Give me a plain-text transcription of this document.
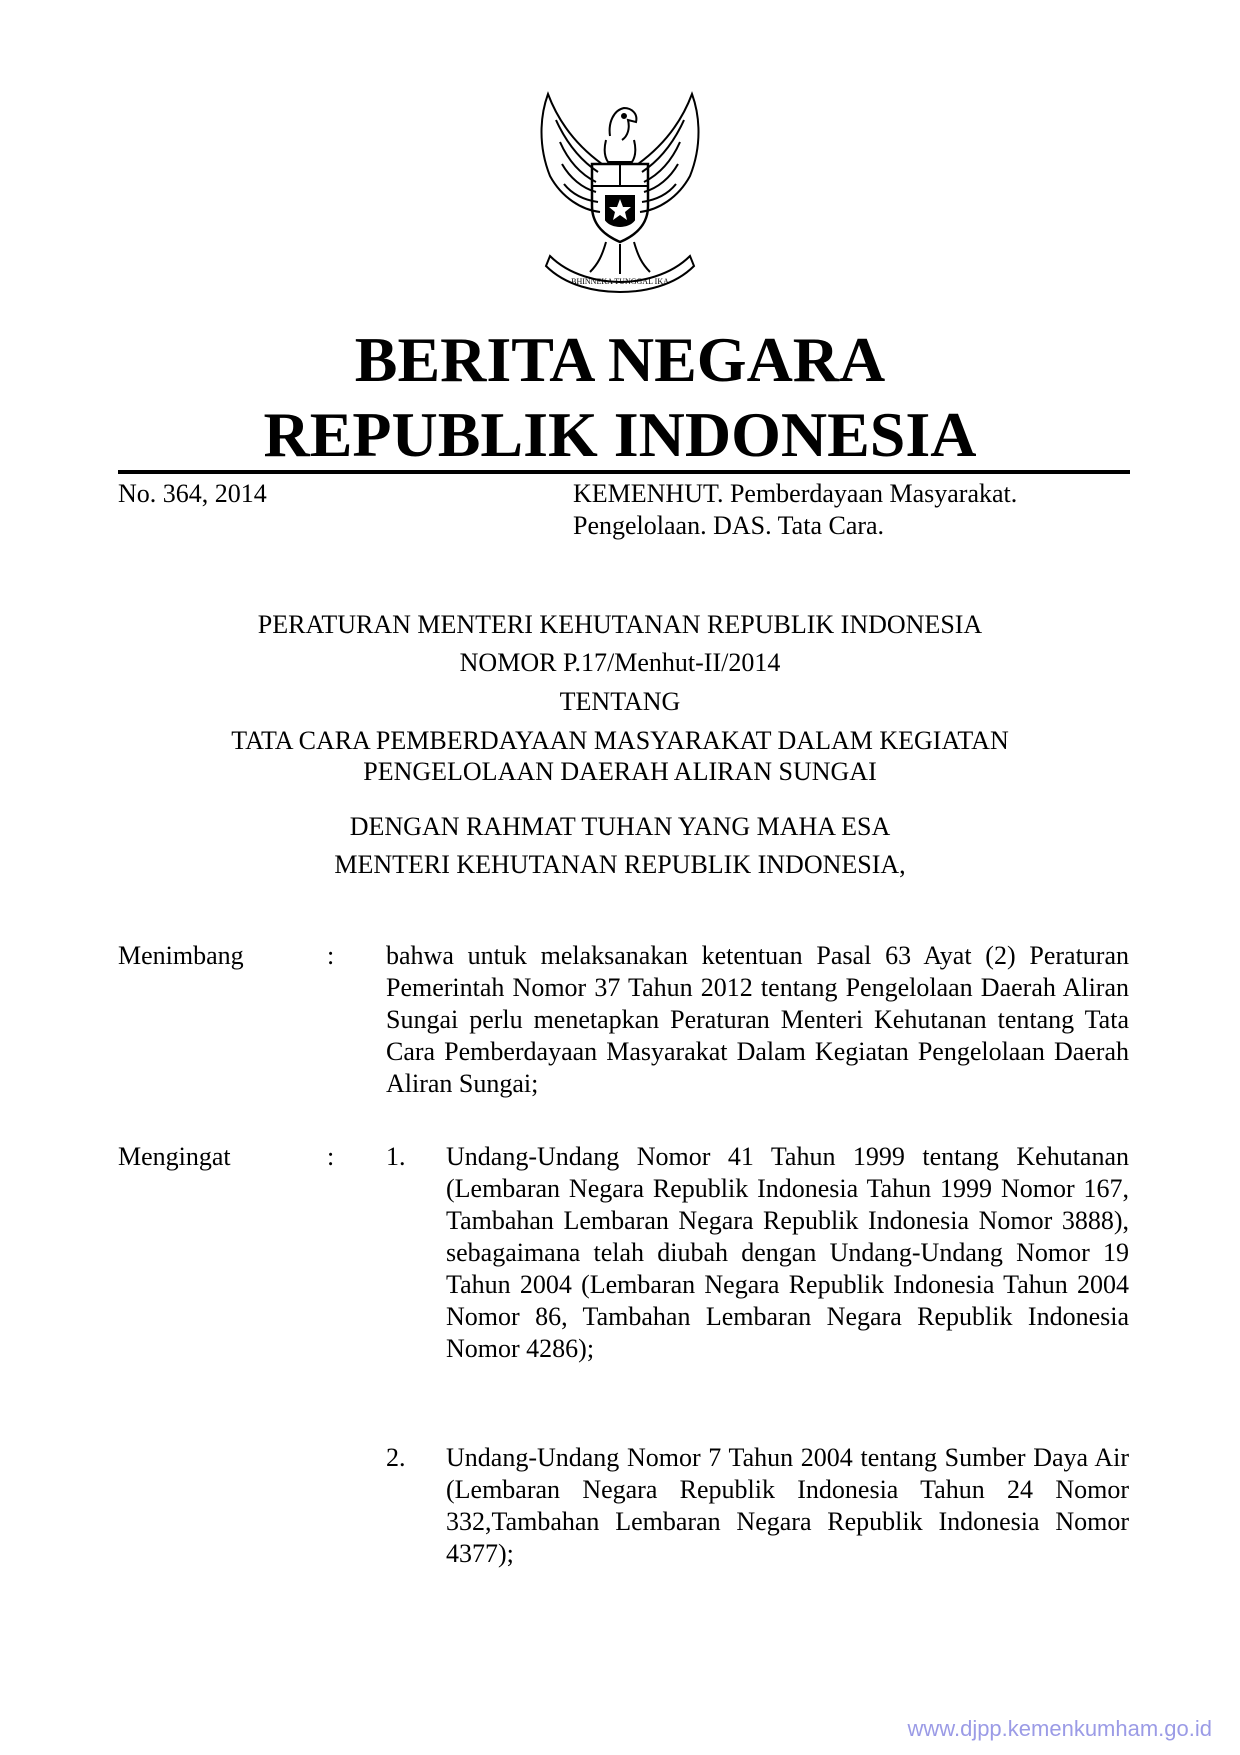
BHINNEKA TUNGGAL IKA
BERITA NEGARA
REPUBLIK INDONESIA
No. 364, 2014	KEMENHUT. Pemberdayaan Masyarakat.
Pengelolaan. DAS. Tata Cara.
PERATURAN MENTERI KEHUTANAN REPUBLIK INDONESIA
NOMOR P.17/Menhut-II/2014
TENTANG
TATA CARA PEMBERDAYAAN MASYARAKAT DALAM KEGIATAN
PENGELOLAAN DAERAH ALIRAN SUNGAI
DENGAN RAHMAT TUHAN YANG MAHA ESA
MENTERI KEHUTANAN REPUBLIK INDONESIA,
Menimbang	: bahwa untuk melaksanakan ketentuan Pasal 63 Ayat (2) Peraturan Pemerintah Nomor 37 Tahun 2012 tentang Pengelolaan Daerah Aliran Sungai perlu menetapkan Peraturan Menteri Kehutanan tentang Tata Cara Pemberdayaan Masyarakat Dalam Kegiatan Pengelolaan Daerah Aliran Sungai;
Mengingat	: 1. Undang-Undang Nomor 41 Tahun 1999 tentang Kehutanan (Lembaran Negara Republik Indonesia Tahun 1999 Nomor 167, Tambahan Lembaran Negara Republik Indonesia Nomor 3888), sebagaimana telah diubah dengan Undang-Undang Nomor 19 Tahun 2004 (Lembaran Negara Republik Indonesia Tahun 2004 Nomor 86, Tambahan Lembaran Negara Republik Indonesia Nomor 4286);
2. Undang-Undang Nomor 7 Tahun 2004 tentang Sumber Daya Air (Lembaran Negara Republik Indonesia Tahun 24 Nomor 332,Tambahan Lembaran Negara Republik Indonesia Nomor 4377);
www.djpp.kemenkumham.go.id
